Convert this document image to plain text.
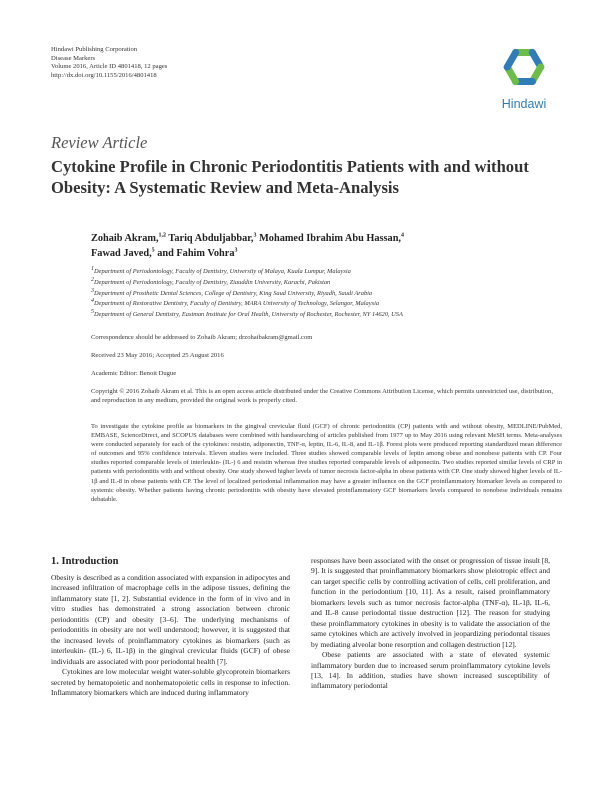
Hindawi Publishing Corporation
Disease Markers
Volume 2016, Article ID 4801418, 12 pages
http://dx.doi.org/10.1155/2016/4801418
Hindawi
Review Article
Cytokine Profile in Chronic Periodontitis Patients with and without Obesity: A Systematic Review and Meta-Analysis
Zohaib Akram,$^{1,2}$ Tariq Abduljabbar,$^3$ Mohamed Ibrahim Abu Hassan,$^4$
Fawad Javed,$^5$ and Fahim Vohra$^3$
$^1$Department of Periodontology, Faculty of Dentistry, University of Malaya, Kuala Lumpur, Malaysia
$^2$Department of Periodontology, Faculty of Dentistry, Ziauddin University, Karachi, Pakistan
$^3$Department of Prosthetic Dental Sciences, College of Dentistry, King Saud University, Riyadh, Saudi Arabia
$^4$Department of Restorative Dentistry, Faculty of Dentistry, MARA University of Technology, Selangor, Malaysia
$^5$Department of General Dentistry, Eastman Institute for Oral Health, University of Rochester, Rochester, NY 14620, USA
Correspondence should be addressed to Zohaib Akram; drzohaibakram@gmail.com
Received 23 May 2016; Accepted 25 August 2016
Academic Editor: Benoit Dugue
Copyright © 2016 Zohaib Akram et al. This is an open access article distributed under the Creative Commons Attribution License, which permits unrestricted use, distribution, and reproduction in any medium, provided the original work is properly cited.
To investigate the cytokine profile as biomarkers in the gingival crevicular fluid (GCF) of chronic periodontitis (CP) patients with and without obesity, MEDLINE/PubMed, EMBASE, ScienceDirect, and SCOPUS databases were combined with handsearching of articles published from 1977 up to May 2016 using relevant MeSH terms. Meta-analyses were conducted separately for each of the cytokines: resistin, adiponectin, TNF-α, leptin, IL-6, IL-8, and IL-1β. Forest plots were produced reporting standardized mean difference of outcomes and 95% confidence intervals. Eleven studies were included. Three studies showed comparable levels of leptin among obese and nonobese patients with CP. Four studies reported comparable levels of interleukin- (IL-) 6 and resistin whereas five studies reported comparable levels of adiponectin. Two studies reported similar levels of CRP in patients with periodontitis with and without obesity. One study showed higher levels of tumor necrosis factor-alpha in obese patients with CP. One study showed higher levels of IL-1β and IL-8 in obese patients with CP. The level of localized periodontal inflammation may have a greater influence on the GCF proinflammatory biomarker levels as compared to systemic obesity. Whether patients having chronic periodontitis with obesity have elevated proinflammatory GCF biomarkers levels compared to nonobese individuals remains debatable.
1. Introduction

Obesity is described as a condition associated with expansion in adipocytes and increased infiltration of macrophage cells in the adipose tissues, defining the inflammatory state [1, 2]. Substantial evidence in the form of in vivo and in vitro studies has demonstrated a strong association between chronic periodontitis (CP) and obesity [3–6]. The underlying mechanisms of periodontitis in obesity are not well understood; however, it is suggested that the increased levels of proinflammatory cytokines as biomarkers (such as interleukin- (IL-) 6, IL-1β) in the gingival crevicular fluids (GCF) of obese individuals are associated with poor periodontal health [7].

Cytokines are low molecular weight water-soluble glycoprotein biomarkers secreted by hematopoietic and nonhematopoietic cells in response to infection. Inflammatory biomarkers which are induced during inflammatory

responses have been associated with the onset or progression of tissue insult [8, 9]. It is suggested that proinflammatory biomarkers show pleiotropic effect and can target specific cells by controlling activation of cells, cell proliferation, and function in the periodontium [10, 11]. As a result, raised proinflammatory biomarkers levels such as tumor necrosis factor-alpha (TNF-α), IL-1β, IL-6, and IL-8 cause periodontal tissue destruction [12]. The reason for studying these proinflammatory cytokines in obesity is to validate the association of the same cytokines which are actively involved in jeopardizing periodontal tissues by mediating alveolar bone resorption and collagen destruction [12].

Obese patients are associated with a state of elevated systemic inflammatory burden due to increased serum proinflammatory cytokine levels [13, 14]. In addition, studies have shown increased susceptibility of inflammatory periodontal
